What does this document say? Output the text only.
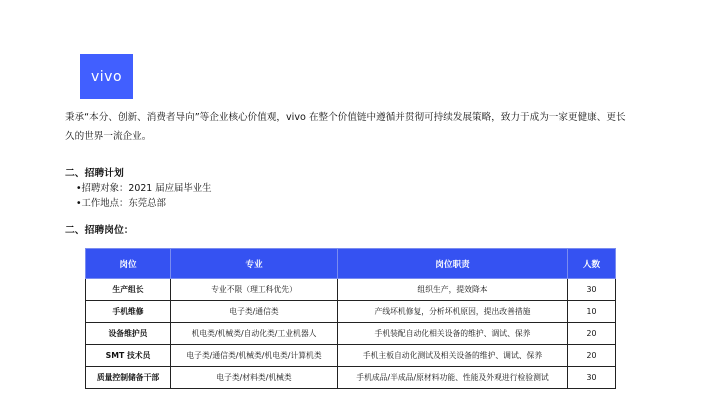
vivo
秉承“本分、创新、消费者导向”等企业核心价值观，vivo 在整个价值链中遵循并贯彻可持续发展策略，致力于成为一家更健康、更长久的世界一流企业。
二、招聘计划
•招聘对象：2021 届应届毕业生
•工作地点：东莞总部
二、招聘岗位：
岗位	专业	岗位职责	人数
生产组长	专业不限（理工科优先）	组织生产，提效降本	30
手机维修	电子类/通信类	产线坏机修复，分析坏机原因，提出改善措施	10
设备维护员	机电类/机械类/自动化类/工业机器人	手机装配自动化相关设备的维护、调试、保养	20
SMT 技术员	电子类/通信类/机械类/机电类/计算机类	手机主板自动化测试及相关设备的维护、调试、保养	20
质量控制储备干部	电子类/材料类/机械类	手机成品/半成品/原材料功能、性能及外观进行检验测试	30
